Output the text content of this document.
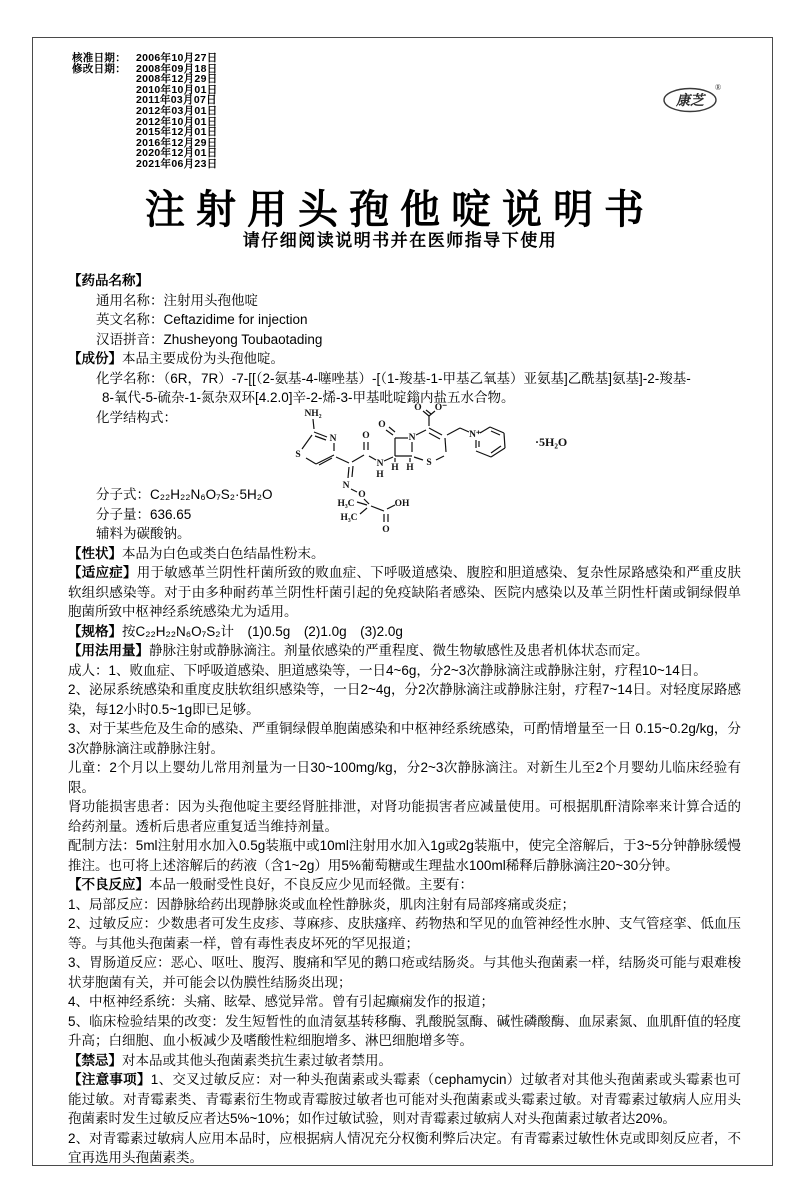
核准日期： 2006年10月27日
修改日期： 2008年09月18日
2008年12月29日
2010年10月01日
2011年03月07日
2012年03月01日
2012年10月01日
2015年12月01日
2016年12月29日
2020年12月01日
2021年06月23日
康芝
®
注射用头孢他啶说明书
请仔细阅读说明书并在医师指导下使用

【药品名称】

通用名称：注射用头孢他啶

英文名称：Ceftazidime for injection

汉语拼音：Zhusheyong Toubaotading

【成份】本品主要成份为头孢他啶。

化学名称：（6R，7R）-7-[[（2-氨基-4-噻唑基）-[（1-羧基-1-甲基乙氧基）亚氨基]乙酰基]氨基]-2-羧基-

8-氧代-5-硫杂-1-氮杂双环[4.2.0]辛-2-烯-3-甲基吡啶鎓内盐五水合物。

化学结构式：

分子式：C₂₂H₂₂N₆O₇S₂·5H₂O

分子量：636.65

辅料为碳酸钠。

【性状】本品为白色或类白色结晶性粉末。

【适应症】用于敏感革兰阴性杆菌所致的败血症、下呼吸道感染、腹腔和胆道感染、复杂性尿路感染和严重皮肤软组织感染等。对于由多种耐药革兰阴性杆菌引起的免疫缺陷者感染、医院内感染以及革兰阴性杆菌或铜绿假单胞菌所致中枢神经系统感染尤为适用。

【规格】按C₂₂H₂₂N₆O₇S₂计　(1)0.5g　(2)1.0g　(3)2.0g

【用法用量】静脉注射或静脉滴注。剂量依感染的严重程度、微生物敏感性及患者机体状态而定。

成人：1、败血症、下呼吸道感染、胆道感染等，一日4~6g，分2~3次静脉滴注或静脉注射，疗程10~14日。

2、泌尿系统感染和重度皮肤软组织感染等，一日2~4g，分2次静脉滴注或静脉注射，疗程7~14日。对轻度尿路感染，每12小时0.5~1g即已足够。

3、对于某些危及生命的感染、严重铜绿假单胞菌感染和中枢神经系统感染，可酌情增量至一日 0.15~0.2g/kg，分3次静脉滴注或静脉注射。

儿童：2个月以上婴幼儿常用剂量为一日30~100mg/kg，分2~3次静脉滴注。对新生儿至2个月婴幼儿临床经验有限。

肾功能损害患者：因为头孢他啶主要经肾脏排泄，对肾功能损害者应减量使用。可根据肌酐清除率来计算合适的给药剂量。透析后患者应重复适当维持剂量。

配制方法：5ml注射用水加入0.5g装瓶中或10ml注射用水加入1g或2g装瓶中，使完全溶解后，于3~5分钟静脉缓慢推注。也可将上述溶解后的药液（含1~2g）用5%葡萄糖或生理盐水100ml稀释后静脉滴注20~30分钟。

【不良反应】本品一般耐受性良好，不良反应少见而轻微。主要有：

1、局部反应：因静脉给药出现静脉炎或血栓性静脉炎，肌肉注射有局部疼痛或炎症；

2、过敏反应：少数患者可发生皮疹、荨麻疹、皮肤瘙痒、药物热和罕见的血管神经性水肿、支气管痉挛、低血压等。与其他头孢菌素一样，曾有毒性表皮坏死的罕见报道；

3、胃肠道反应：恶心、呕吐、腹泻、腹痛和罕见的鹅口疮或结肠炎。与其他头孢菌素一样，结肠炎可能与艰难梭状芽胞菌有关，并可能会以伪膜性结肠炎出现；

4、中枢神经系统：头痛、眩晕、感觉异常。曾有引起癫痫发作的报道；

5、临床检验结果的改变：发生短暂性的血清氨基转移酶、乳酸脱氢酶、碱性磷酸酶、血尿素氮、血肌酐值的轻度升高；白细胞、血小板减少及嗜酸性粒细胞增多、淋巴细胞增多等。

【禁忌】对本品或其他头孢菌素类抗生素过敏者禁用。

【注意事项】1、交叉过敏反应：对一种头孢菌素或头霉素（cephamycin）过敏者对其他头孢菌素或头霉素也可能过敏。对青霉素类、青霉素衍生物或青霉胺过敏者也可能对头孢菌素或头霉素过敏。对青霉素过敏病人应用头孢菌素时发生过敏反应者达5%~10%；如作过敏试验，则对青霉素过敏病人对头孢菌素过敏者达20%。

2、对青霉素过敏病人应用本品时，应根据病人情况充分权衡利弊后决定。有青霉素过敏性休克或即刻反应者，不宜再选用头孢菌素类。

NH₂
S
N
N
O
H₃C
H₃C
OH
O
O
N
H
O
N
H H S
O O⁻
N⁺	·5H₂O
